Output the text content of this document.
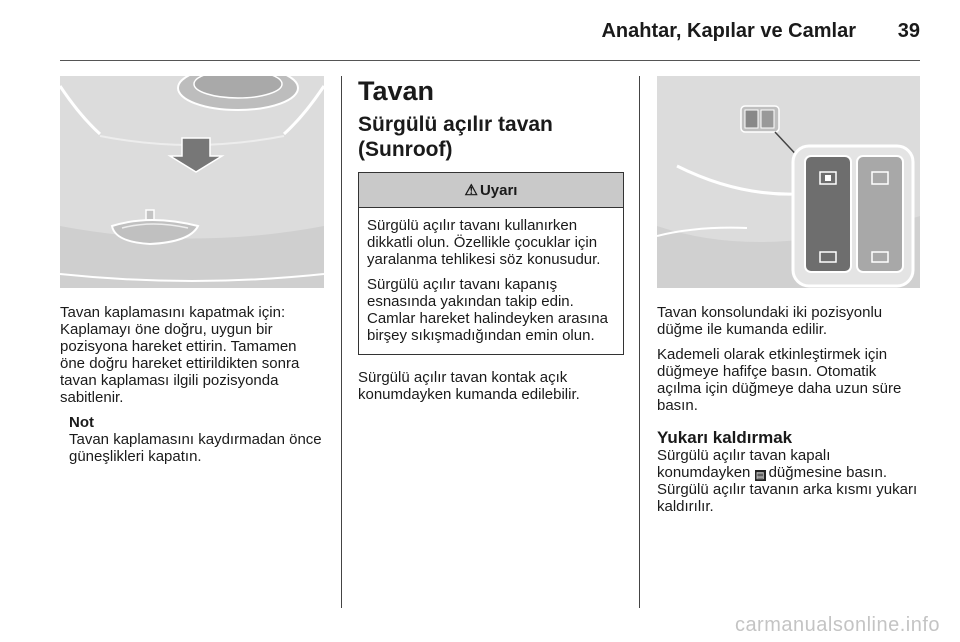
Anahtar, Kapılar ve Camlar 39

Tavan kaplamasını kapatmak için: Kaplamayı öne doğru, uygun bir pozisyona hareket ettirin. Tamamen öne doğru hareket ettirildikten sonra tavan kaplaması ilgili pozisyonda sabitlenir.

Not
Tavan kaplamasını kaydırmadan önce güneşlikleri kapatın.
Tavan
Sürgülü açılır tavan
(Sunroof)
⚠ Uyarı

Sürgülü açılır tavanı kullanırken dikkatli olun. Özellikle çocuklar için yaralanma tehlikesi söz konusudur.

Sürgülü açılır tavanı kapanış esnasında yakından takip edin. Camlar hareket halindeyken arasına birşey sıkışmadığından emin olun.

Sürgülü açılır tavan kontak açık konumdayken kumanda edilebilir.

Tavan konsolundaki iki pozisyonlu düğme ile kumanda edilir.

Kademeli olarak etkinleştirmek için düğmeye hafifçe basın. Otomatik açılma için düğmeye daha uzun süre basın.

Yukarı kaldırmak

Sürgülü açılır tavan kapalı konumdayken ▤ düğmesine basın. Sürgülü açılır tavanın arka kısmı yukarı kaldırılır.

carmanualsonline.info
